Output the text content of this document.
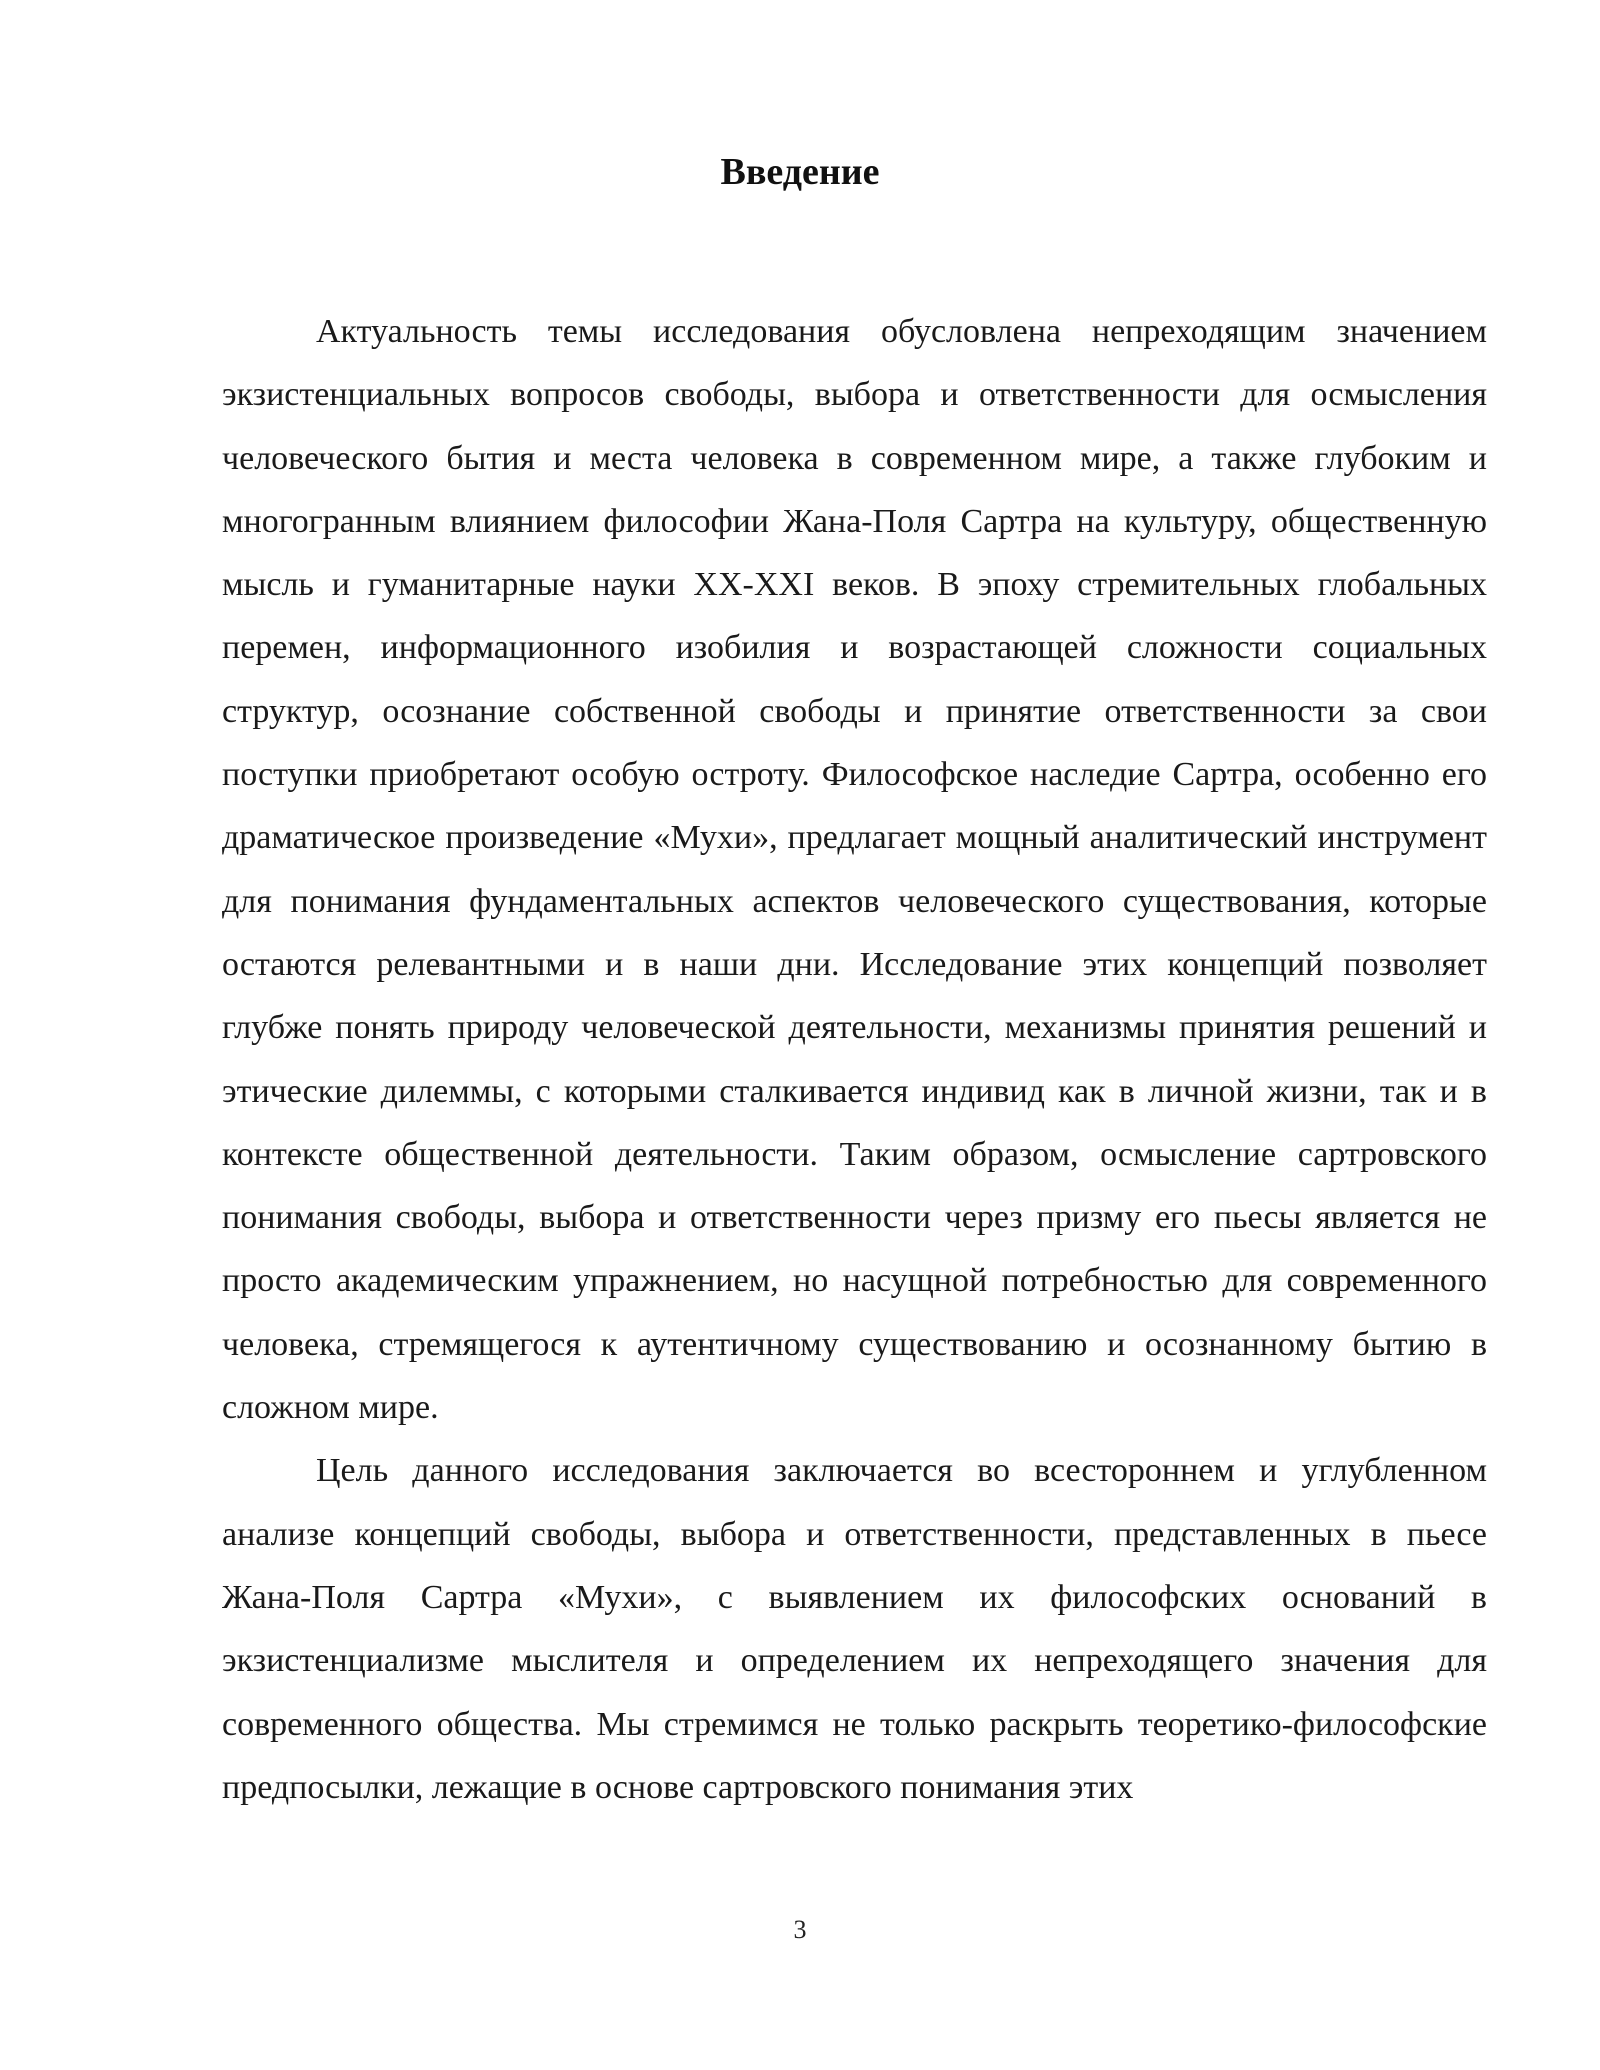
Введение

Актуальность темы исследования обусловлена непреходящим значением экзистенциальных вопросов свободы, выбора и ответственности для осмысления человеческого бытия и места человека в современном мире, а также глубоким и многогранным влиянием философии Жана-Поля Сартра на культуру, общественную мысль и гуманитарные науки XX-XXI веков. В эпоху стремительных глобальных перемен, информационного изобилия и возрастающей сложности социальных структур, осознание собственной свободы и принятие ответственности за свои поступки приобретают особую остроту. Философское наследие Сартра, особенно его драматическое произведение «Мухи», предлагает мощный аналитический инструмент для понимания фундаментальных аспектов человеческого существования, которые остаются релевантными и в наши дни. Исследование этих концепций позволяет глубже понять природу человеческой деятельности, механизмы принятия решений и этические дилеммы, с которыми сталкивается индивид как в личной жизни, так и в контексте общественной деятельности. Таким образом, осмысление сартровского понимания свободы, выбора и ответственности через призму его пьесы является не просто академическим упражнением, но насущной потребностью для современного человека, стремящегося к аутентичному существованию и осознанному бытию в сложном мире.

Цель данного исследования заключается во всестороннем и углубленном анализе концепций свободы, выбора и ответственности, представленных в пьесе Жана-Поля Сартра «Мухи», с выявлением их философских оснований в экзистенциализме мыслителя и определением их непреходящего значения для современного общества. Мы стремимся не только раскрыть теоретико-философские предпосылки, лежащие в основе сартровского понимания этих

3
